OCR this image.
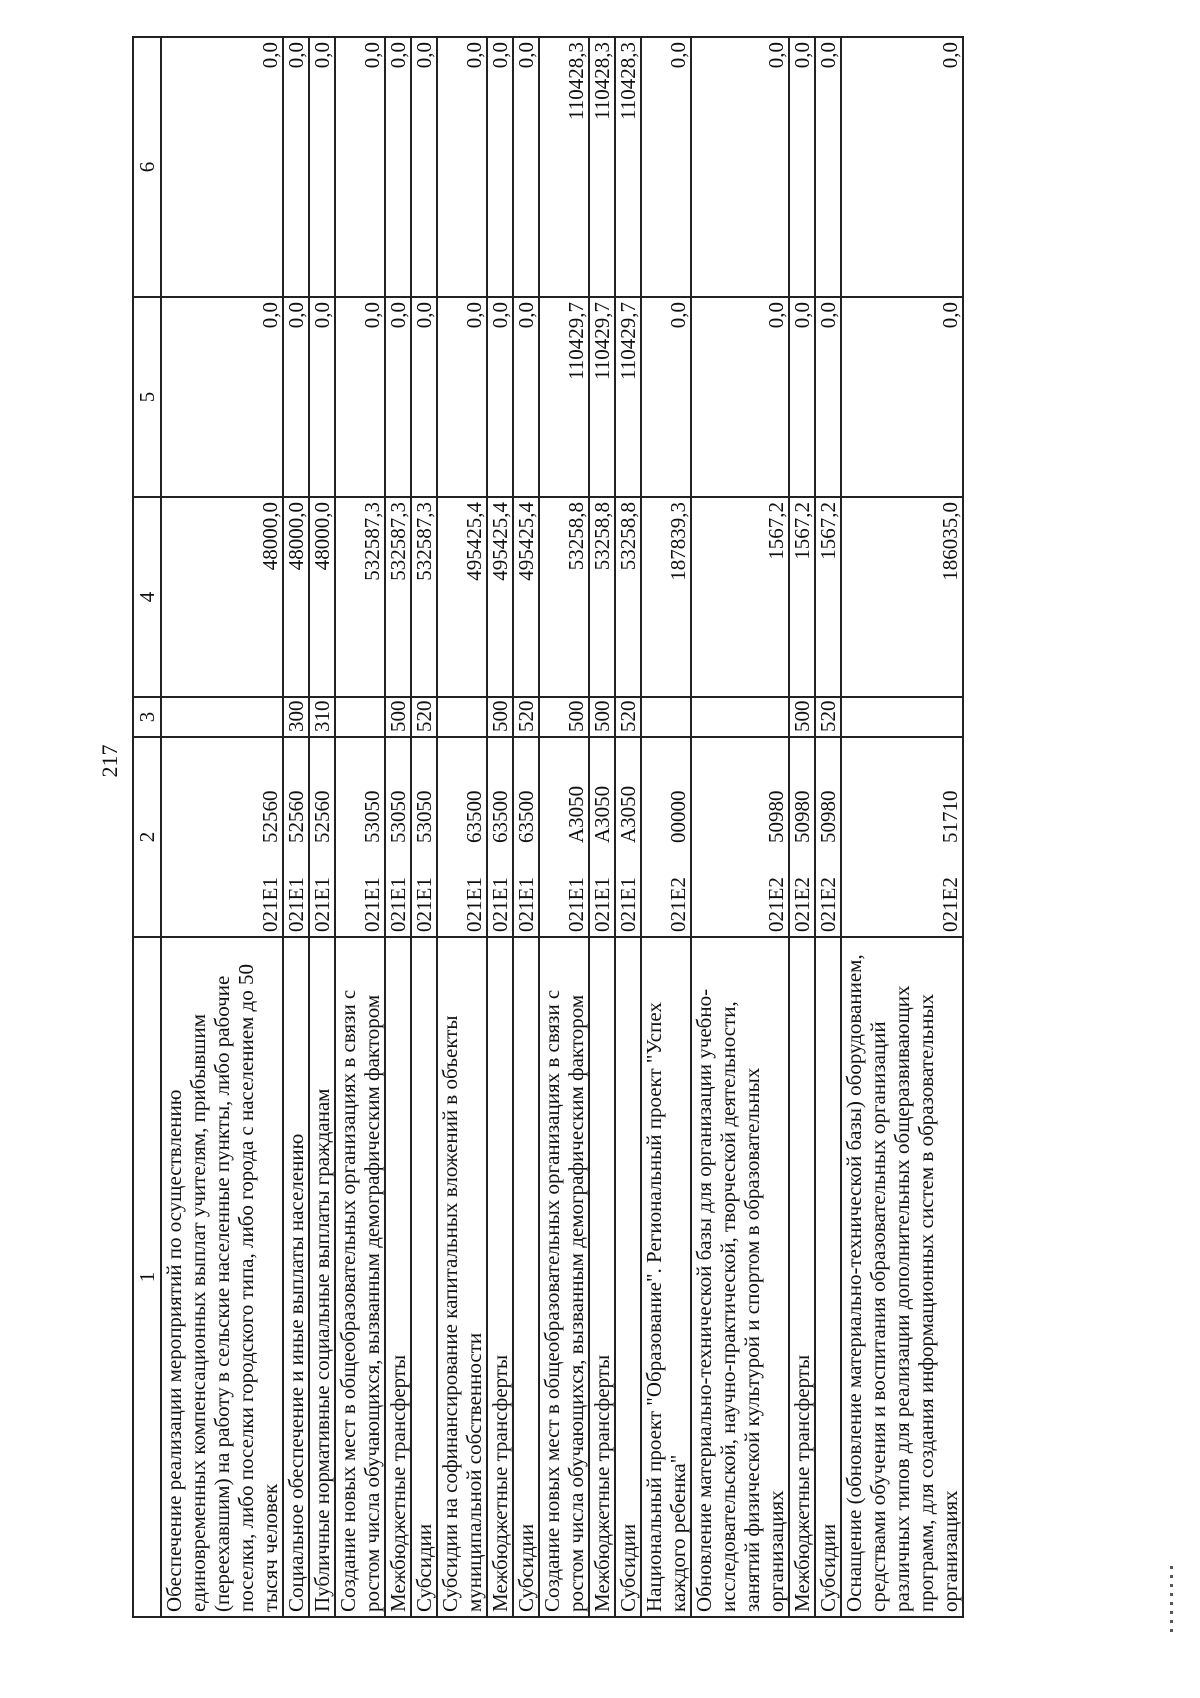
217
1	2		3	4	5	6
Обеспечение реализации мероприятий по осуществлению единовременных компенсационных выплат учителям, прибывшим (переехавшим) на работу в сельские населенные пункты, либо рабочие поселки, либо поселки городского типа, либо города с населением до 50 тысяч человек	021E1	52560		48000,0	0,0	0,0
Социальное обеспечение и иные выплаты населению	021E1	52560	300	48000,0	0,0	0,0
Публичные нормативные социальные выплаты гражданам	021E1	52560	310	48000,0	0,0	0,0
Создание новых мест в общеобразовательных организациях в связи с ростом числа обучающихся, вызванным демографическим фактором	021E1	53050		532587,3	0,0	0,0
Межбюджетные трансферты	021E1	53050	500	532587,3	0,0	0,0
Субсидии	021E1	53050	520	532587,3	0,0	0,0
Субсидии на софинансирование капитальных вложений в объекты муниципальной собственности	021E1	63500		495425,4	0,0	0,0
Межбюджетные трансферты	021E1	63500	500	495425,4	0,0	0,0
Субсидии	021E1	63500	520	495425,4	0,0	0,0
Создание новых мест в общеобразовательных организациях в связи с ростом числа обучающихся, вызванным демографическим фактором	021E1	А3050	500	53258,8	110429,7	110428,3
Межбюджетные трансферты	021E1	А3050	500	53258,8	110429,7	110428,3
Субсидии	021E1	А3050	520	53258,8	110429,7	110428,3
Национальный проект "Образование". Региональный проект "Успех каждого ребенка"	021E2	00000		187839,3	0,0	0,0
Обновление материально-технической базы для организации учебно-исследовательской, научно-практической, творческой деятельности, занятий физической культурой и спортом в образовательных организациях	021E2	50980		1567,2	0,0	0,0
Межбюджетные трансферты	021E2	50980	500	1567,2	0,0	0,0
Субсидии	021E2	50980	520	1567,2	0,0	0,0
Оснащение (обновление материально-технической базы) оборудованием, средствами обучения и воспитания образовательных организаций различных типов для реализации дополнительных общеразвивающих программ, для создания информационных систем в образовательных организациях	021E2	51710		186035,0	0,0	0,0
